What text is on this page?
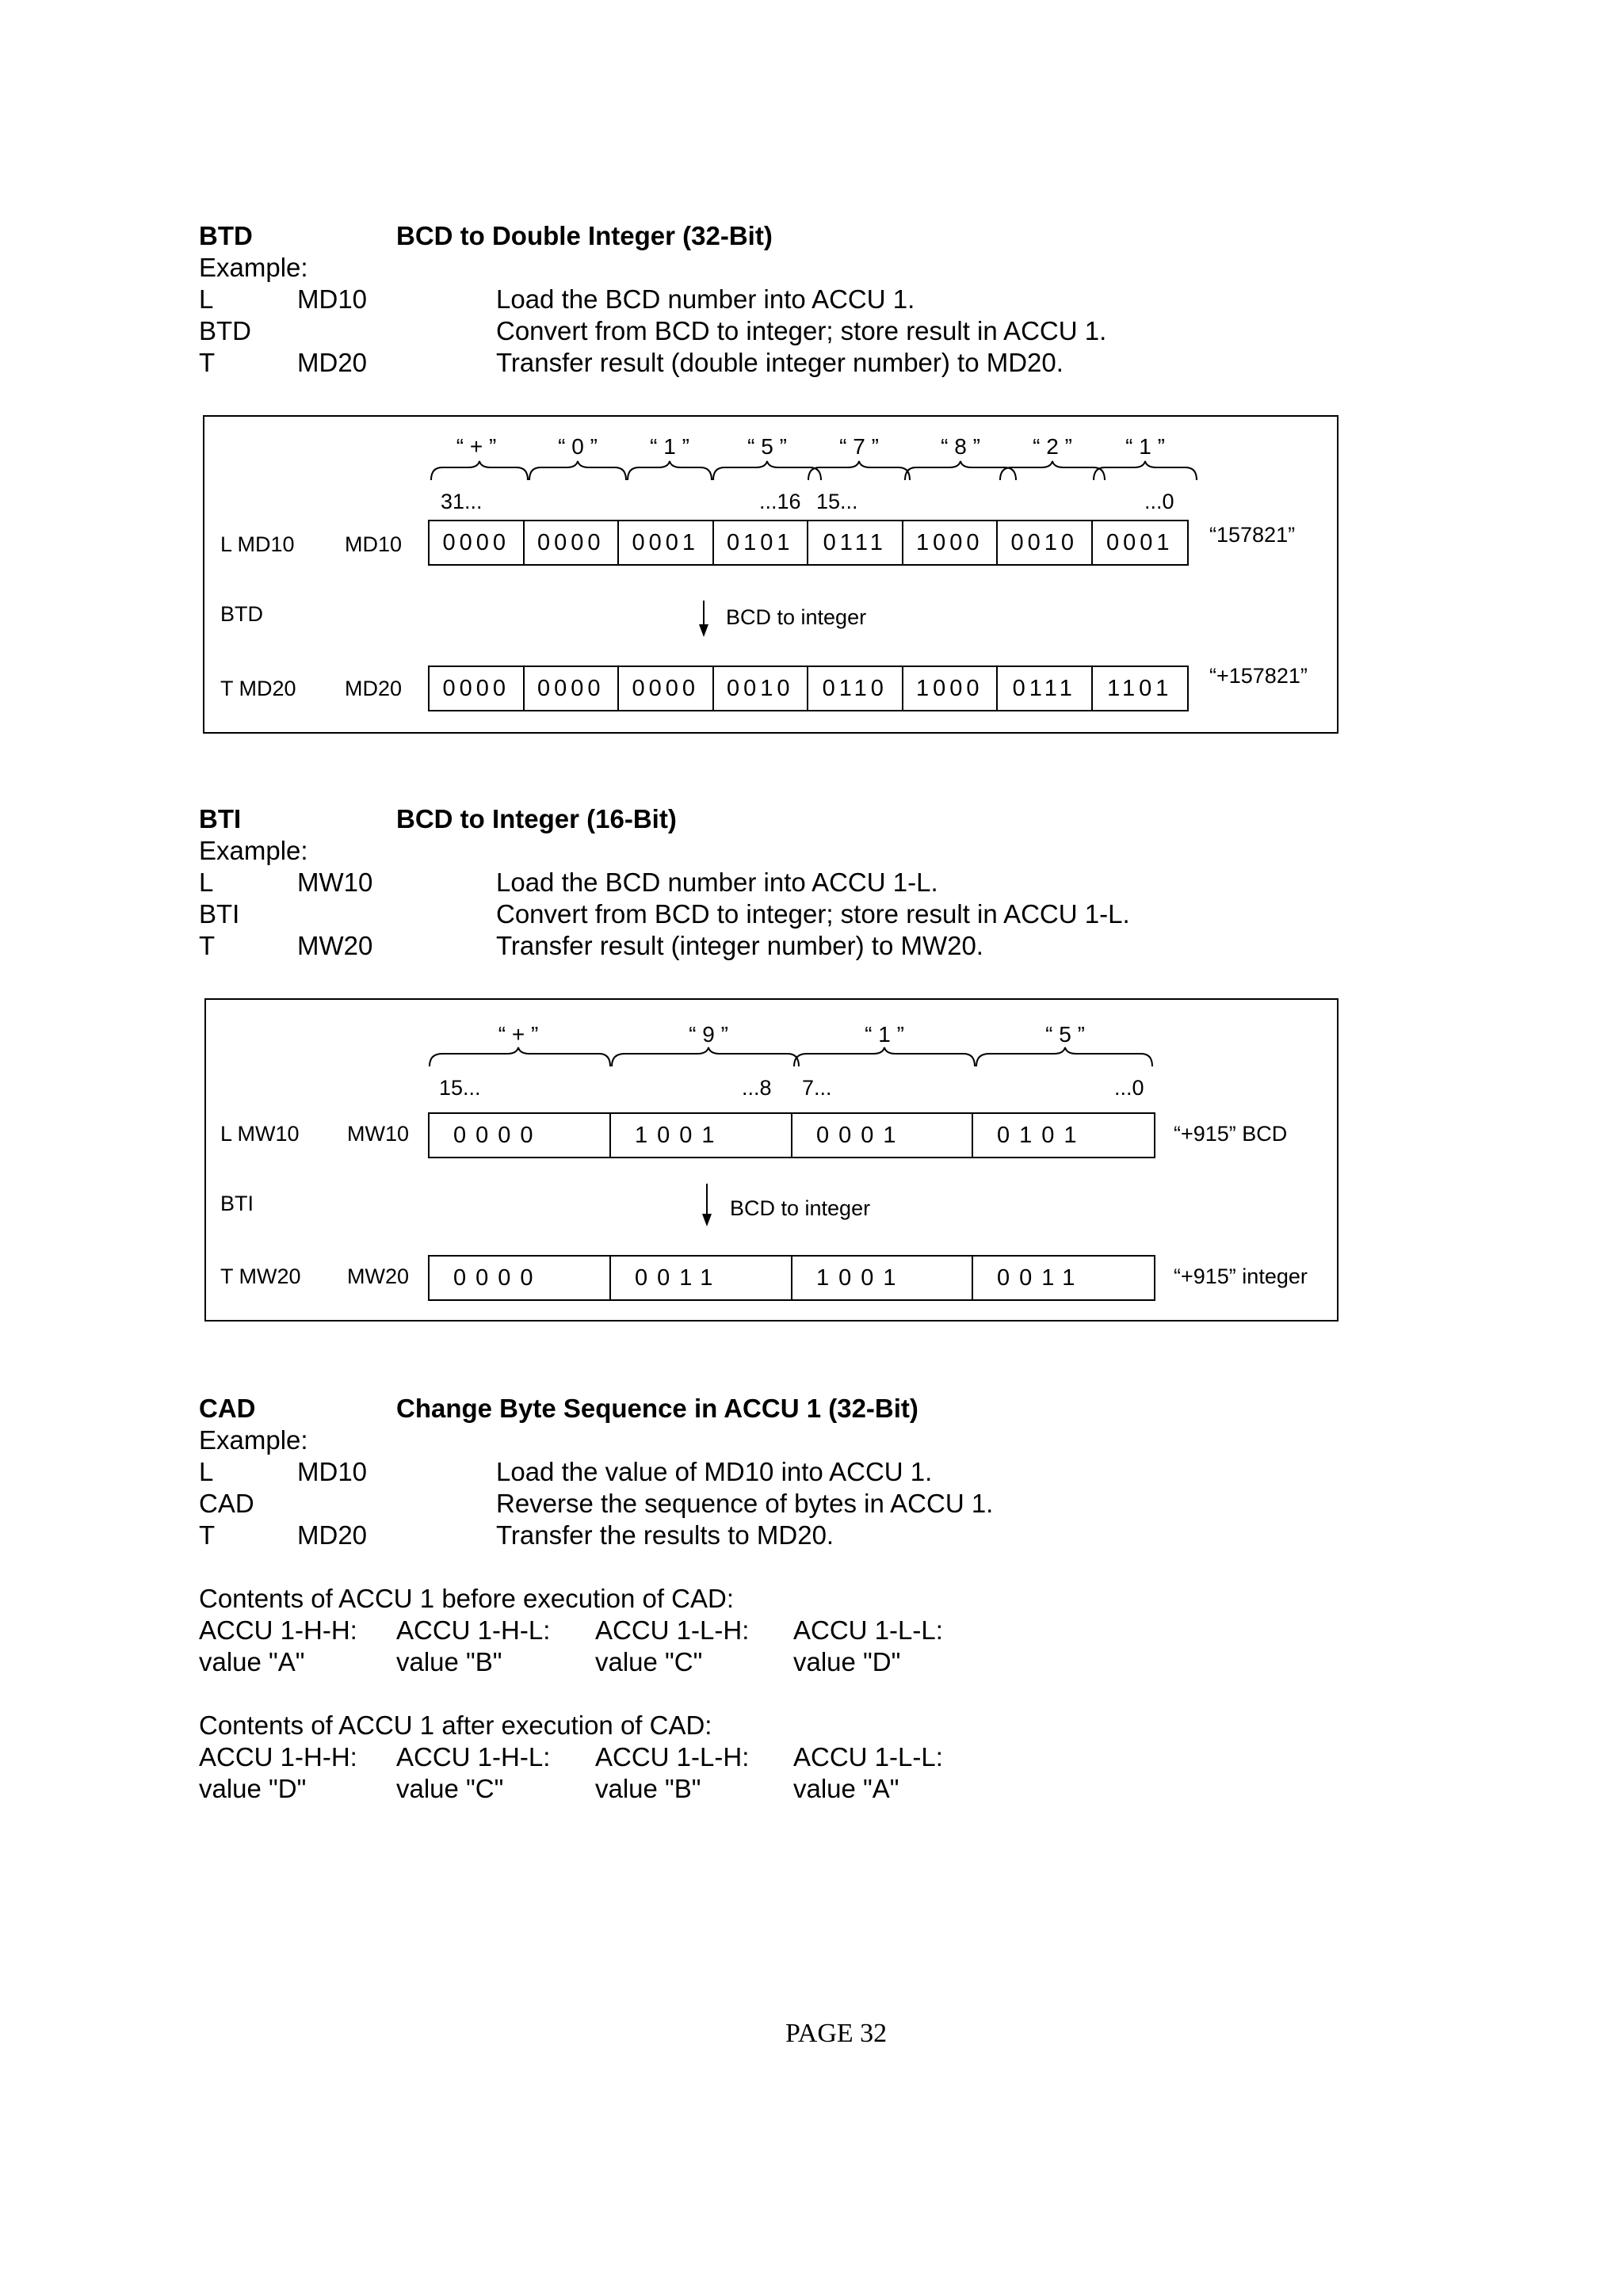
BTD	BCD to Double Integer (32-Bit)
Example:
L	MD10	Load the BCD number into ACCU 1.
BTD	Convert from BCD to integer; store result in ACCU 1.
T	MD20	Transfer result (double integer number) to MD20.
“ + ”	“ 0 ” “ 1 ”	“ 5 ” “ 7 ”	“ 8 ” “ 2 ” “ 1 ”
31...	...16 15...	...0
L MD10 MD10	0000	0000	0001	0101	0111	1000	0010	0001	“157821”
BTD	BCD to integer
T MD20 MD20	0000	0000	0000	0010	0110	1000	0111	1101	“+157821”
BTI	BCD to Integer (16-Bit)
Example:
L	MW10	Load the BCD number into ACCU 1-L.
BTI	Convert from BCD to integer; store result in ACCU 1-L.
T	MW20	Transfer result (integer number) to MW20.
“ + ”	“ 9 ”	“ 1 ”	“ 5 ”
15...	...8 7...	...0
L MW10 MW10	0000	1001	0001	0101	“+915” BCD
BTI	BCD to integer
T MW20 MW20	0000	0011	1001	0011	“+915” integer
CAD	Change Byte Sequence in ACCU 1 (32-Bit)
Example:
L	MD10	Load the value of MD10 into ACCU 1.
CAD	Reverse the sequence of bytes in ACCU 1.
T	MD20	Transfer the results to MD20.
Contents of ACCU 1 before execution of CAD:
ACCU 1-H-H: ACCU 1-H-L: ACCU 1-L-H: ACCU 1-L-L:
value "A"	value "B"	value "C"	value "D"
Contents of ACCU 1 after execution of CAD:
ACCU 1-H-H: ACCU 1-H-L: ACCU 1-L-H: ACCU 1-L-L:
value "D"	value "C"	value "B"	value "A"
PAGE 32
